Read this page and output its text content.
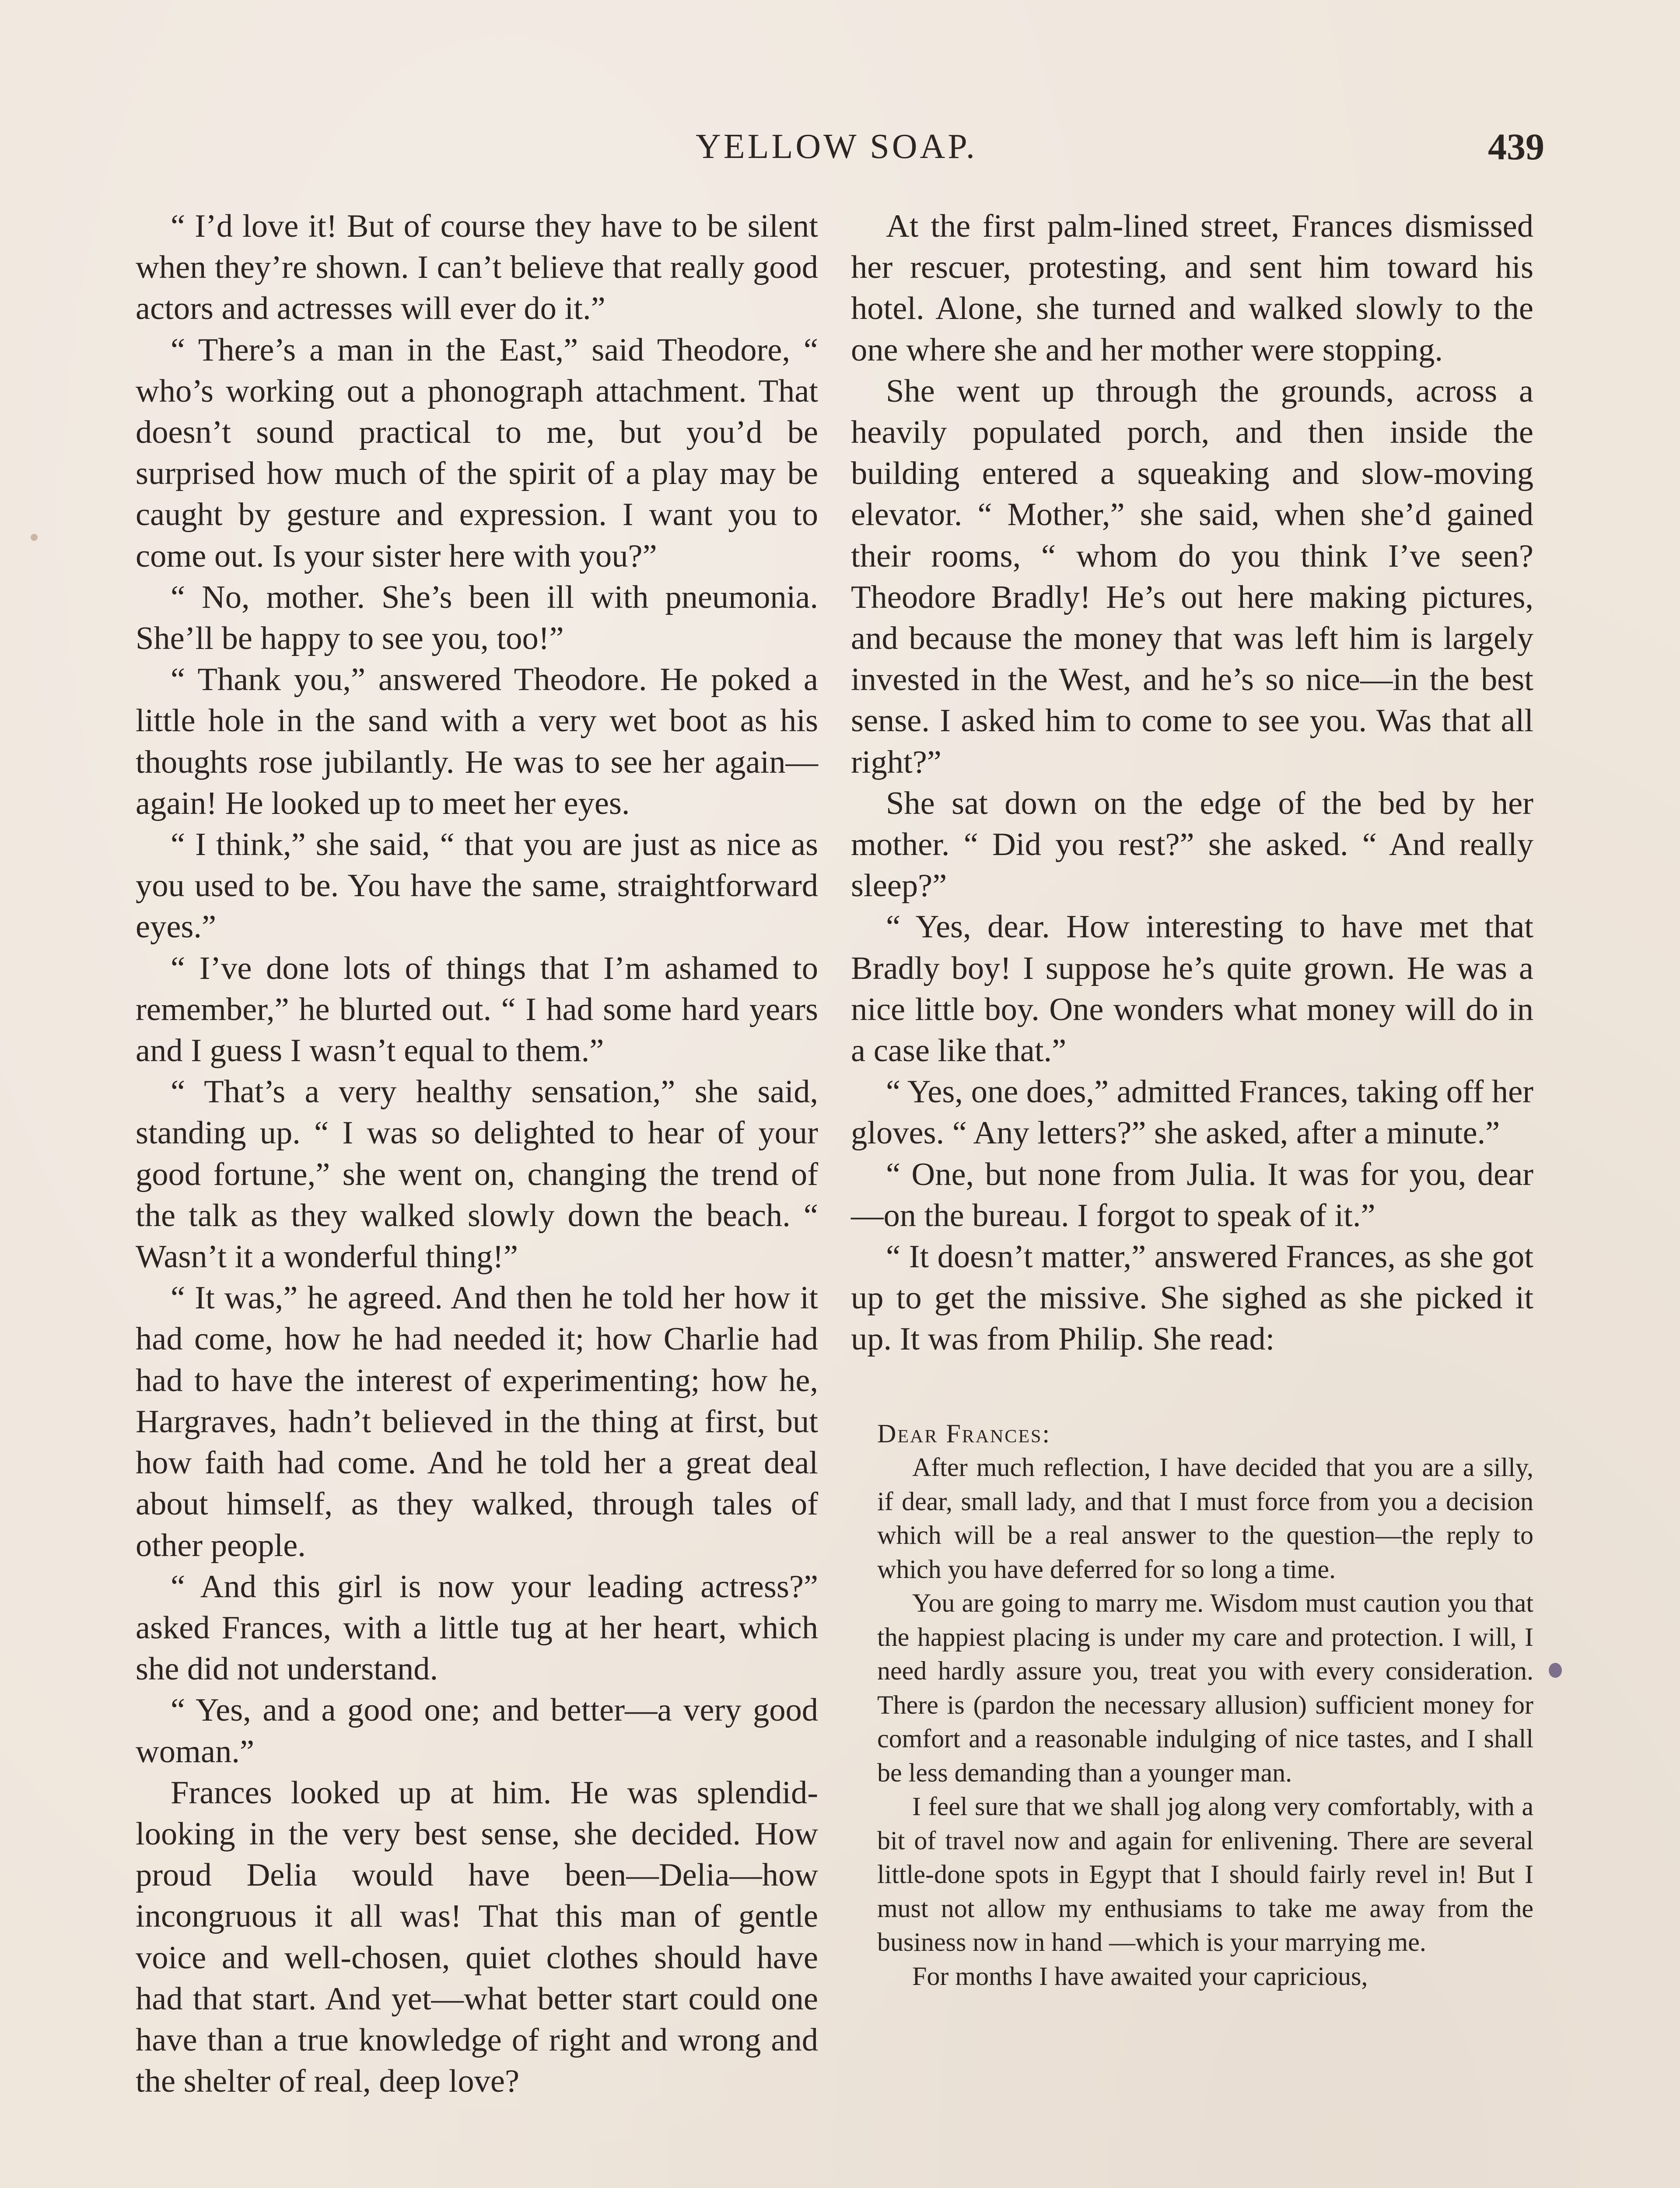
YELLOW SOAP.	439

“ I’d love it! But of course they have to be silent when they’re shown. I can’t believe that really good actors and actresses will ever do it.”

“ There’s a man in the East,” said Theodore, “ who’s working out a phonograph attachment. That doesn’t sound practical to me, but you’d be surprised how much of the spirit of a play may be caught by gesture and expression. I want you to come out. Is your sister here with you?”

“ No, mother. She’s been ill with pneumonia. She’ll be happy to see you, too!”

“ Thank you,” answered Theodore. He poked a little hole in the sand with a very wet boot as his thoughts rose jubilantly. He was to see her again—again! He looked up to meet her eyes.

“ I think,” she said, “ that you are just as nice as you used to be. You have the same, straightforward eyes.”

“ I’ve done lots of things that I’m ashamed to remember,” he blurted out. “ I had some hard years and I guess I wasn’t equal to them.”

“ That’s a very healthy sensation,” she said, standing up. “ I was so delighted to hear of your good fortune,” she went on, changing the trend of the talk as they walked slowly down the beach. “ Wasn’t it a wonderful thing!”

“ It was,” he agreed. And then he told her how it had come, how he had needed it; how Charlie had had to have the interest of experimenting; how he, Hargraves, hadn’t believed in the thing at first, but how faith had come. And he told her a great deal about himself, as they walked, through tales of other people.

“ And this girl is now your leading actress?” asked Frances, with a little tug at her heart, which she did not understand.

“ Yes, and a good one; and better—a very good woman.”

Frances looked up at him. He was splendid-looking in the very best sense, she decided. How proud Delia would have been—Delia—how incongruous it all was! That this man of gentle voice and well-chosen, quiet clothes should have had that start. And yet—what better start could one have than a true knowledge of right and wrong and the shelter of real, deep love?

At the first palm-lined street, Frances dismissed her rescuer, protesting, and sent him toward his hotel. Alone, she turned and walked slowly to the one where she and her mother were stopping.

She went up through the grounds, across a heavily populated porch, and then inside the building entered a squeaking and slow-moving elevator. “ Mother,” she said, when she’d gained their rooms, “ whom do you think I’ve seen? Theodore Bradly! He’s out here making pictures, and because the money that was left him is largely invested in the West, and he’s so nice—in the best sense. I asked him to come to see you. Was that all right?”

She sat down on the edge of the bed by her mother. “ Did you rest?” she asked. “ And really sleep?”

“ Yes, dear. How interesting to have met that Bradly boy! I suppose he’s quite grown. He was a nice little boy. One wonders what money will do in a case like that.”

“ Yes, one does,” admitted Frances, taking off her gloves. “ Any letters?” she asked, after a minute.”

“ One, but none from Julia. It was for you, dear—on the bureau. I forgot to speak of it.”

“ It doesn’t matter,” answered Frances, as she got up to get the missive. She sighed as she picked it up. It was from Philip. She read:

Dear Frances:

After much reflection, I have decided that you are a silly, if dear, small lady, and that I must force from you a decision which will be a real answer to the question—the reply to which you have deferred for so long a time.

You are going to marry me. Wisdom must caution you that the happiest placing is under my care and protection. I will, I need hardly assure you, treat you with every consideration. There is (pardon the necessary allusion) sufficient money for comfort and a reasonable indulging of nice tastes, and I shall be less demanding than a younger man.

I feel sure that we shall jog along very comfortably, with a bit of travel now and again for enlivening. There are several little-done spots in Egypt that I should fairly revel in! But I must not allow my enthusiams to take me away from the business now in hand —which is your marrying me.

For months I have awaited your capricious,
